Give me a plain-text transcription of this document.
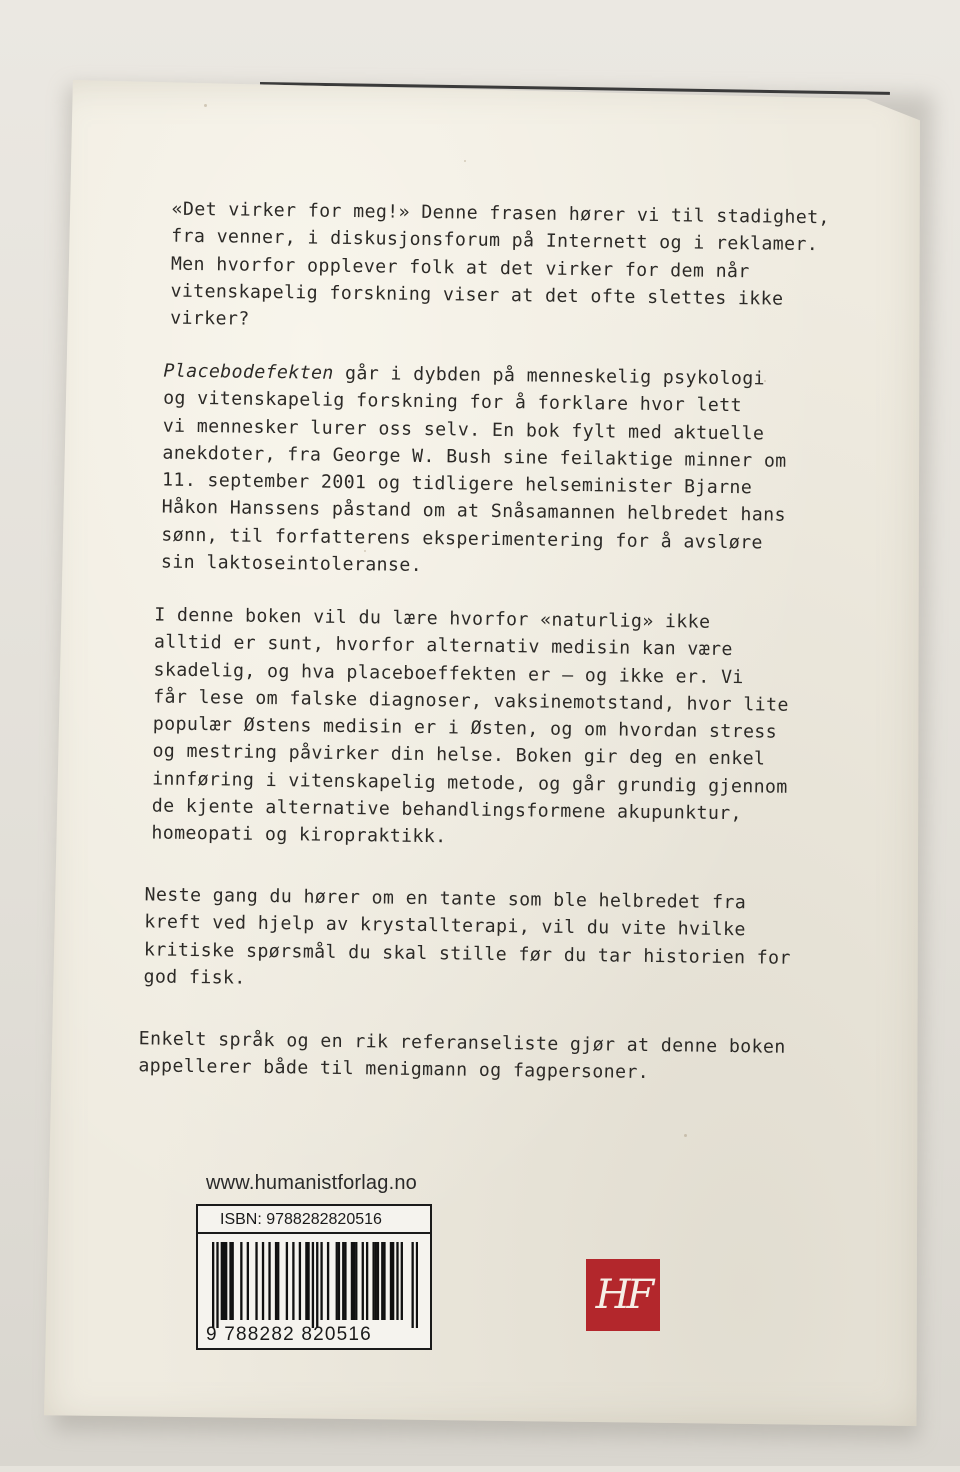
«Det virker for meg!» Denne frasen hører vi til stadighet,
fra venner, i diskusjonsforum på Internett og i reklamer.
Men hvorfor opplever folk at det virker for dem når
vitenskapelig forskning viser at det ofte slettes ikke
virker?
Placebodefekten går i dybden på menneskelig psykologi
og vitenskapelig forskning for å forklare hvor lett
vi mennesker lurer oss selv. En bok fylt med aktuelle
anekdoter, fra George W. Bush sine feilaktige minner om
11. september 2001 og tidligere helseminister Bjarne
Håkon Hanssens påstand om at Snåsamannen helbredet hans
sønn, til forfatterens eksperimentering for å avsløre
sin laktoseintoleranse.
I denne boken vil du lære hvorfor «naturlig» ikke
alltid er sunt, hvorfor alternativ medisin kan være
skadelig, og hva placeboeffekten er – og ikke er. Vi
får lese om falske diagnoser, vaksinemotstand, hvor lite
populær Østens medisin er i Østen, og om hvordan stress
og mestring påvirker din helse. Boken gir deg en enkel
innføring i vitenskapelig metode, og går grundig gjennom
de kjente alternative behandlingsformene akupunktur,
homeopati og kiropraktikk.
Neste gang du hører om en tante som ble helbredet fra
kreft ved hjelp av krystallterapi, vil du vite hvilke
kritiske spørsmål du skal stille før du tar historien for
god fisk.
Enkelt språk og en rik referanseliste gjør at denne boken
appellerer både til menigmann og fagpersoner.
www.humanistforlag.no
ISBN: 9788282820516
9 788282 820516
HF
